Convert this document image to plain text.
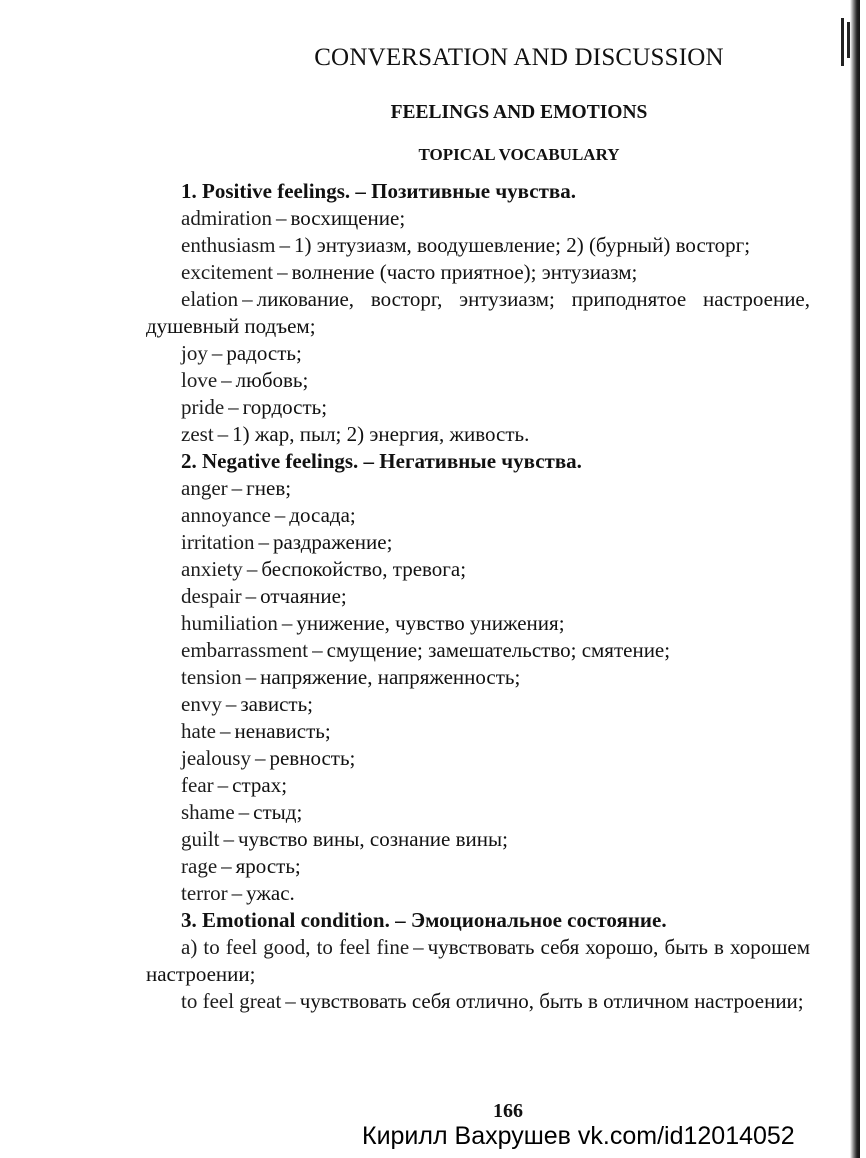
CONVERSATION AND DISCUSSION
FEELINGS AND EMOTIONS
TOPICAL VOCABULARY

1. Positive feelings. – Позитивные чувства.

admiration – восхищение;

enthusiasm – 1) энтузиазм, воодушевление; 2) (бурный) восторг;

excitement – волнение (часто приятное); энтузиазм;

elation – ликование, восторг, энтузиазм; приподнятое настроение, душевный подъем;

joy – радость;

love – любовь;

pride – гордость;

zest – 1) жар, пыл; 2) энергия, живость.

2. Negative feelings. – Негативные чувства.

anger – гнев;

annoyance – досада;

irritation – раздражение;

anxiety – беспокойство, тревога;

despair – отчаяние;

humiliation – унижение, чувство унижения;

embarrassment – смущение; замешательство; смятение;

tension – напряжение, напряженность;

envy – зависть;

hate – ненависть;

jealousy – ревность;

fear – страх;

shame – стыд;

guilt – чувство вины, сознание вины;

rage – ярость;

terror – ужас.

3. Emotional condition. – Эмоциональное состояние.

a) to feel good, to feel fine – чувствовать себя хорошо, быть в хорошем настроении;

to feel great – чувствовать себя отлично, быть в отличном настроении;

166
Кирилл Вахрушев vk.com/id12014052
